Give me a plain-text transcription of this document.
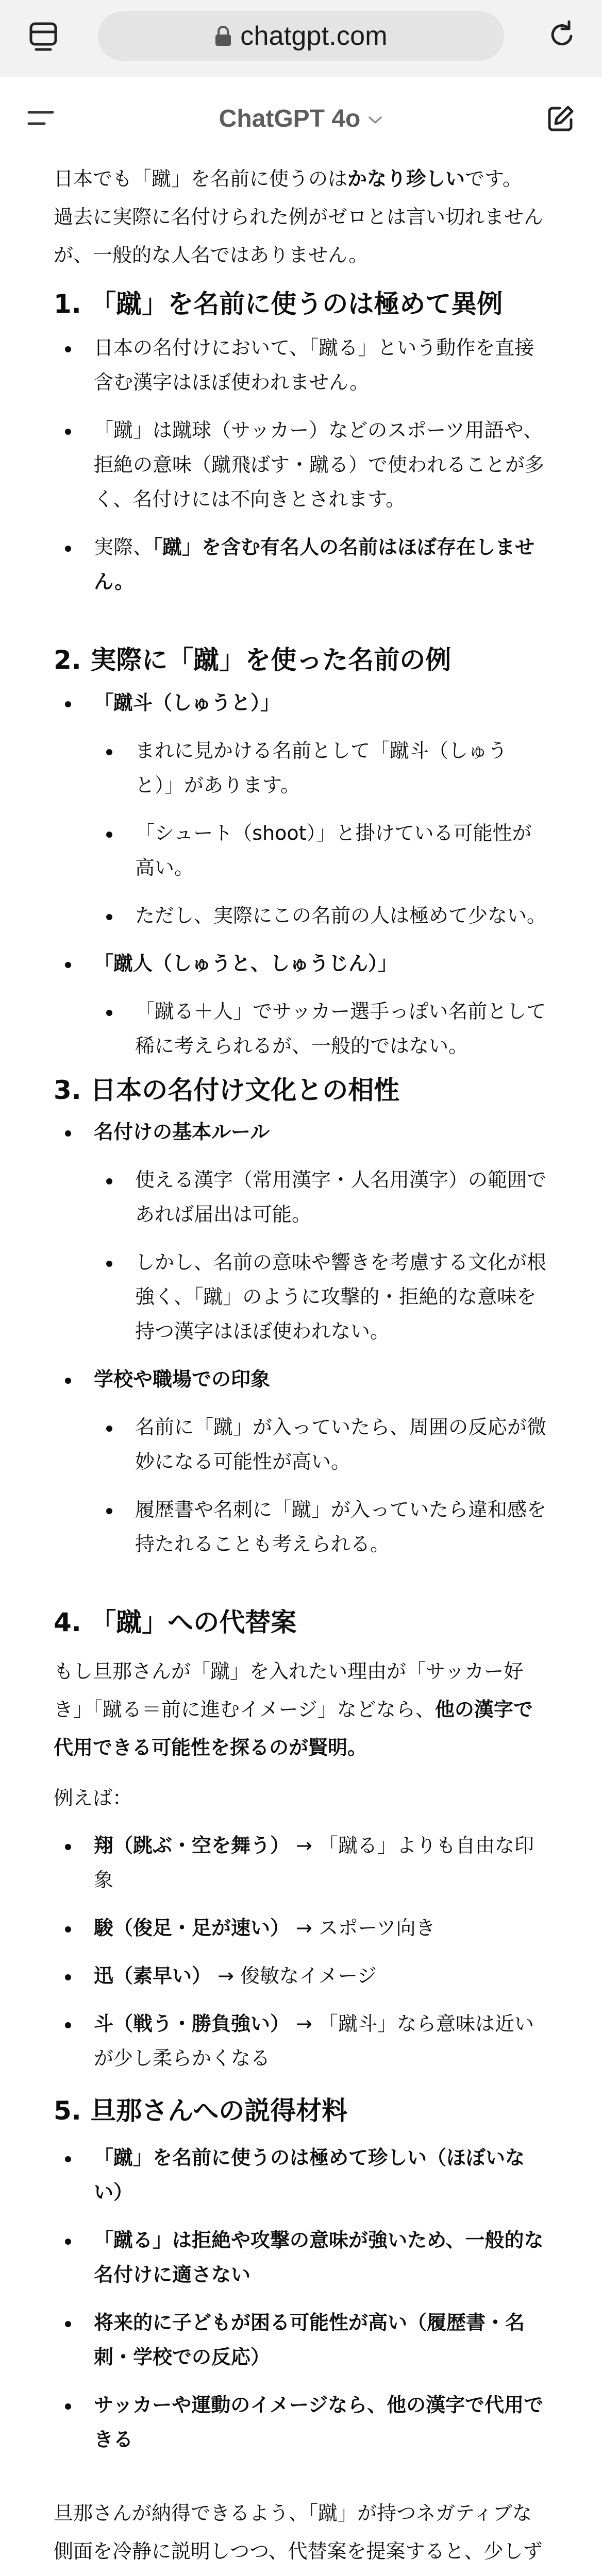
chatgpt.com
ChatGPT 4o

日本でも「蹴」を名前に使うのはかなり珍しいです。
過去に実際に名付けられた例がゼロとは言い切れません
が、一般的な人名ではありません。

1. 「蹴」を名前に使うのは極めて異例
日本の名付けにおいて、「蹴る」という動作を直接
含む漢字はほぼ使われません。
「蹴」は蹴球（サッカー）などのスポーツ用語や、
拒絶の意味（蹴飛ばす・蹴る）で使われることが多
く、名付けには不向きとされます。
実際、「蹴」を含む有名人の名前はほぼ存在しませ
ん。
2. 実際に「蹴」を使った名前の例
「蹴斗（しゅうと）」
まれに見かける名前として「蹴斗（しゅう
と）」があります。
「シュート（shoot）」と掛けている可能性が
高い。
ただし、実際にこの名前の人は極めて少ない。
「蹴人（しゅうと、しゅうじん）」
「蹴る＋人」でサッカー選手っぽい名前として
稀に考えられるが、一般的ではない。
3. 日本の名付け文化との相性
名付けの基本ルール
使える漢字（常用漢字・人名用漢字）の範囲で
あれば届出は可能。
しかし、名前の意味や響きを考慮する文化が根
強く、「蹴」のように攻撃的・拒絶的な意味を
持つ漢字はほぼ使われない。
学校や職場での印象
名前に「蹴」が入っていたら、周囲の反応が微
妙になる可能性が高い。
履歴書や名刺に「蹴」が入っていたら違和感を
持たれることも考えられる。
4. 「蹴」への代替案

もし旦那さんが「蹴」を入れたい理由が「サッカー好
き」「蹴る＝前に進むイメージ」などなら、他の漢字で
代用できる可能性を探るのが賢明。

例えば：

翔（跳ぶ・空を舞う） → 「蹴る」よりも自由な印
象
駿（俊足・足が速い） → スポーツ向き
迅（素早い） → 俊敏なイメージ
斗（戦う・勝負強い） → 「蹴斗」なら意味は近い
が少し柔らかくなる
5. 旦那さんへの説得材料
「蹴」を名前に使うのは極めて珍しい（ほぼいな
い）
「蹴る」は拒絶や攻撃の意味が強いため、一般的な
名付けに適さない
将来的に子どもが困る可能性が高い（履歴書・名
刺・学校での反応）
サッカーや運動のイメージなら、他の漢字で代用で
きる

旦那さんが納得できるよう、「蹴」が持つネガティブな
側面を冷静に説明しつつ、代替案を提案すると、少しず
